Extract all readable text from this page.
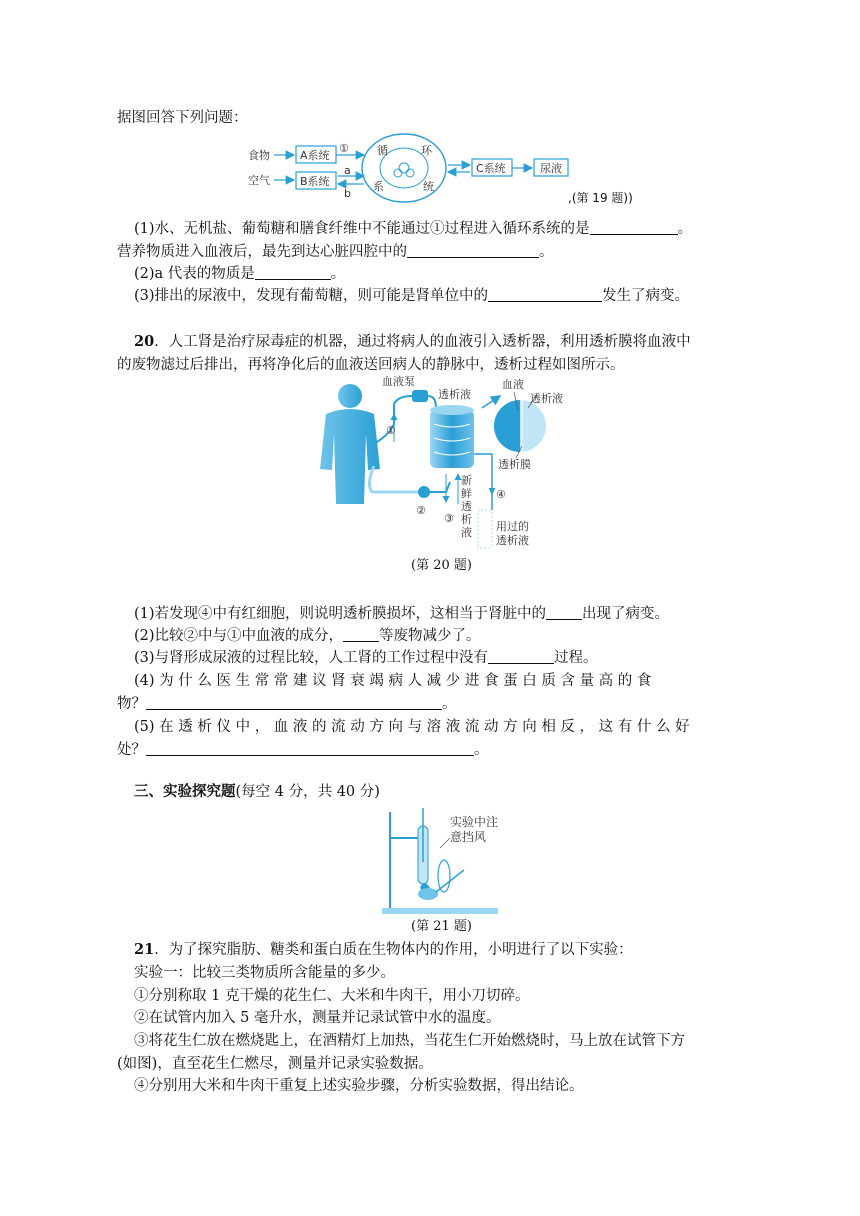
据图回答下列问题：
食物
空气
A系统
B系统
①
a
b
循	环
系	统
C系统	尿液
,(第 19 题))
(1)水、无机盐、葡萄糖和膳食纤维中不能通过①过程进入循环系统的是	。
营养物质进入血液后，最先到达心脏四腔中的	。
(2)a 代表的物质是	。
(3)排出的尿液中，发现有葡萄糖，则可能是肾单位中的	发生了病变。
20．人工肾是治疗尿毒症的机器，通过将病人的血液引入透析器，利用透析膜将血液中
的废物滤过后排出，再将净化后的血液送回病人的静脉中，透析过程如图所示。
血液泵
透析液
血液
透析液
透析膜
①
②
③
④
新
鲜
透
析
液 用过的
透析液
(第 20 题)
(1)若发现④中有红细胞，则说明透析膜损坏，这相当于肾脏中的 出现了病变。
(2)比较②中与①中血液的成分， 等废物减少了。
(3)与肾形成尿液的过程比较，人工肾的工作过程中没有	过程。
(4) 为 什 么 医 生 常 常 建 议 肾 衰 竭 病 人 减 少 进 食 蛋 白 质 含 量 高 的 食
物？	。
(5) 在 透 析 仪 中 ， 血 液 的 流 动 方 向 与 溶 液 流 动 方 向 相 反 ， 这 有 什 么 好
处？	。
三、实验探究题(每空 4 分，共 40 分)
实验中注
意挡风
(第 21 题)
21．为了探究脂肪、糖类和蛋白质在生物体内的作用，小明进行了以下实验：
实验一：比较三类物质所含能量的多少。
①分别称取 1 克干燥的花生仁、大米和牛肉干，用小刀切碎。
②在试管内加入 5 毫升水，测量并记录试管中水的温度。
③将花生仁放在燃烧匙上，在酒精灯上加热，当花生仁开始燃烧时，马上放在试管下方
(如图)，直至花生仁燃尽，测量并记录实验数据。
④分别用大米和牛肉干重复上述实验步骤，分析实验数据，得出结论。
